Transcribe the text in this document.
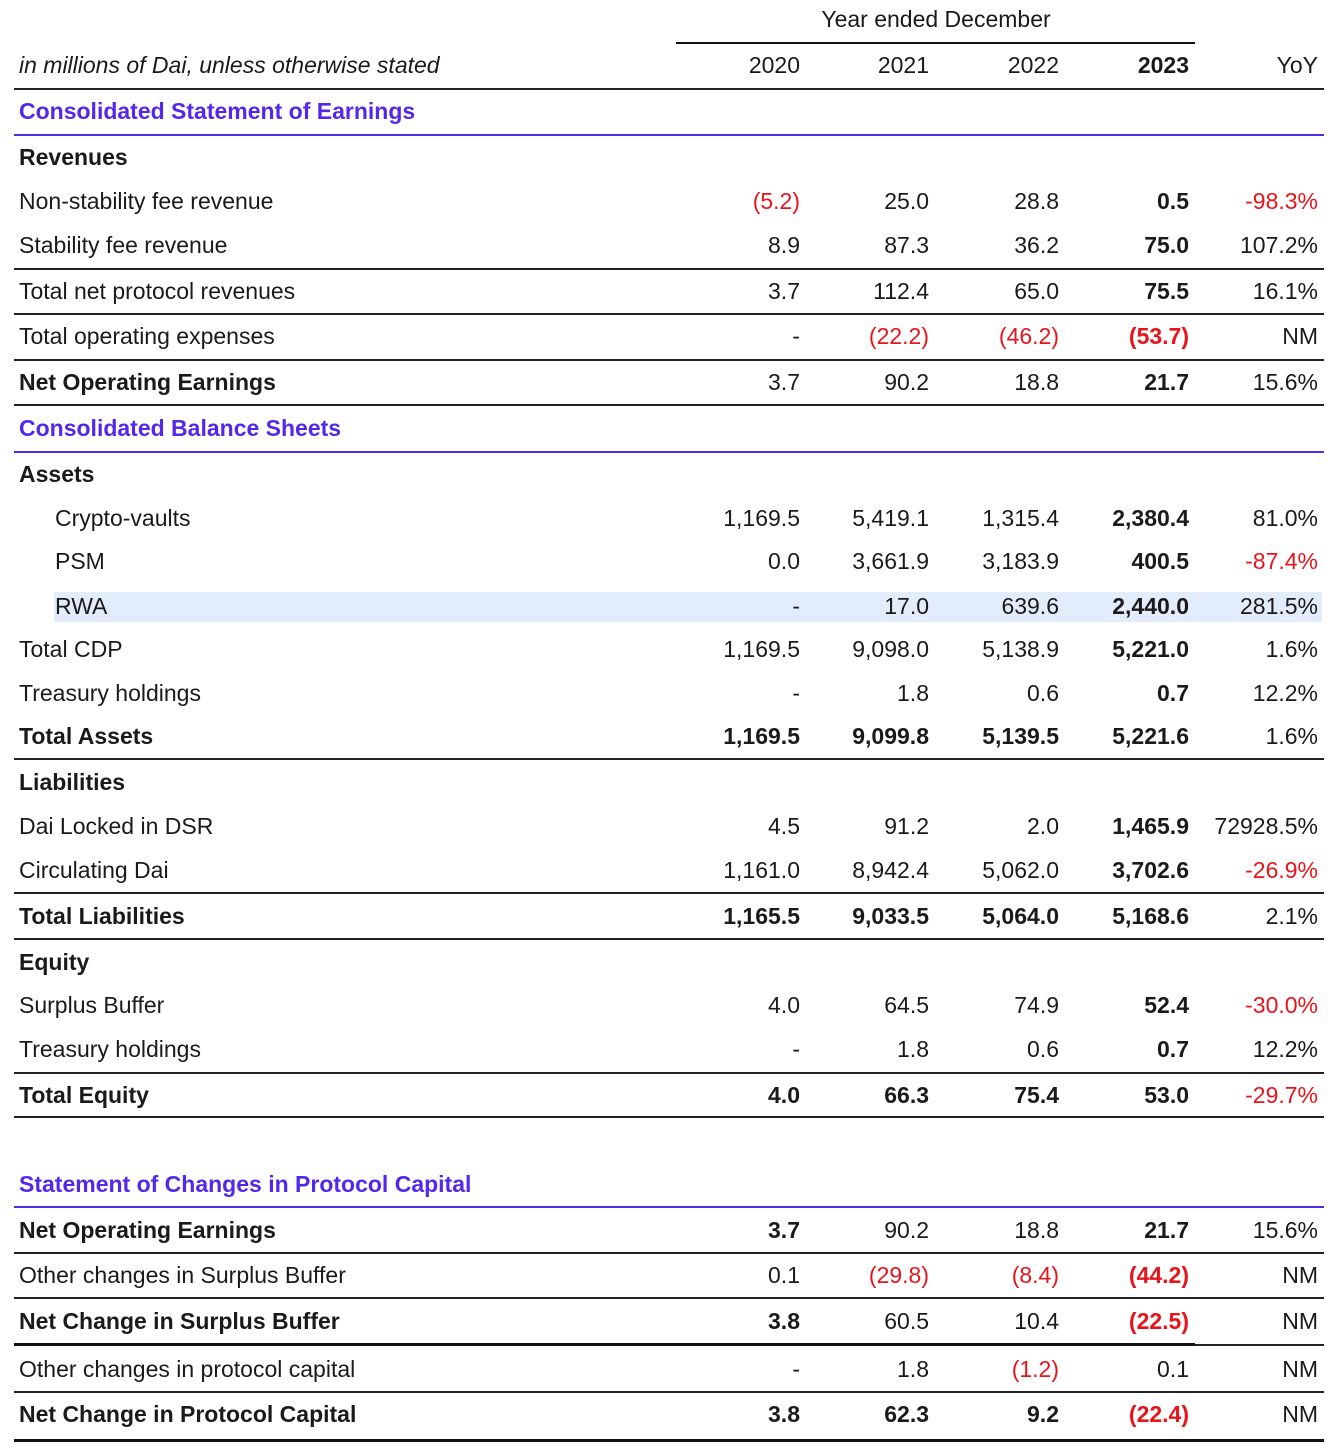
Year ended December
in millions of Dai, unless otherwise stated	2020	2021	2022	2023	YoY
Consolidated Statement of Earnings
Revenues
Non-stability fee revenue	(5.2)	25.0	28.8	0.5	-98.3%
Stability fee revenue	8.9	87.3	36.2	75.0	107.2%
Total net protocol revenues	3.7	112.4	65.0	75.5	16.1%
Total operating expenses	-	(22.2)	(46.2)	(53.7)	NM
Net Operating Earnings	3.7	90.2	18.8	21.7	15.6%
Consolidated Balance Sheets
Assets
Crypto-vaults	1,169.5	5,419.1	1,315.4	2,380.4	81.0%
PSM	0.0	3,661.9	3,183.9	400.5	-87.4%
RWA	-	17.0	639.6	2,440.0	281.5%
Total CDP	1,169.5	9,098.0	5,138.9	5,221.0	1.6%
Treasury holdings	-	1.8	0.6	0.7	12.2%
Total Assets	1,169.5	9,099.8	5,139.5	5,221.6	1.6%
Liabilities
Dai Locked in DSR	4.5	91.2	2.0	1,465.9	72928.5%
Circulating Dai	1,161.0	8,942.4	5,062.0	3,702.6	-26.9%
Total Liabilities	1,165.5	9,033.5	5,064.0	5,168.6	2.1%
Equity
Surplus Buffer	4.0	64.5	74.9	52.4	-30.0%
Treasury holdings	-	1.8	0.6	0.7	12.2%
Total Equity	4.0	66.3	75.4	53.0	-29.7%
Statement of Changes in Protocol Capital
Net Operating Earnings	3.7	90.2	18.8	21.7	15.6%
Other changes in Surplus Buffer	0.1	(29.8)	(8.4)	(44.2)	NM
Net Change in Surplus Buffer	3.8	60.5	10.4	(22.5)	NM
Other changes in protocol capital	-	1.8	(1.2)	0.1	NM
Net Change in Protocol Capital	3.8	62.3	9.2	(22.4)	NM
